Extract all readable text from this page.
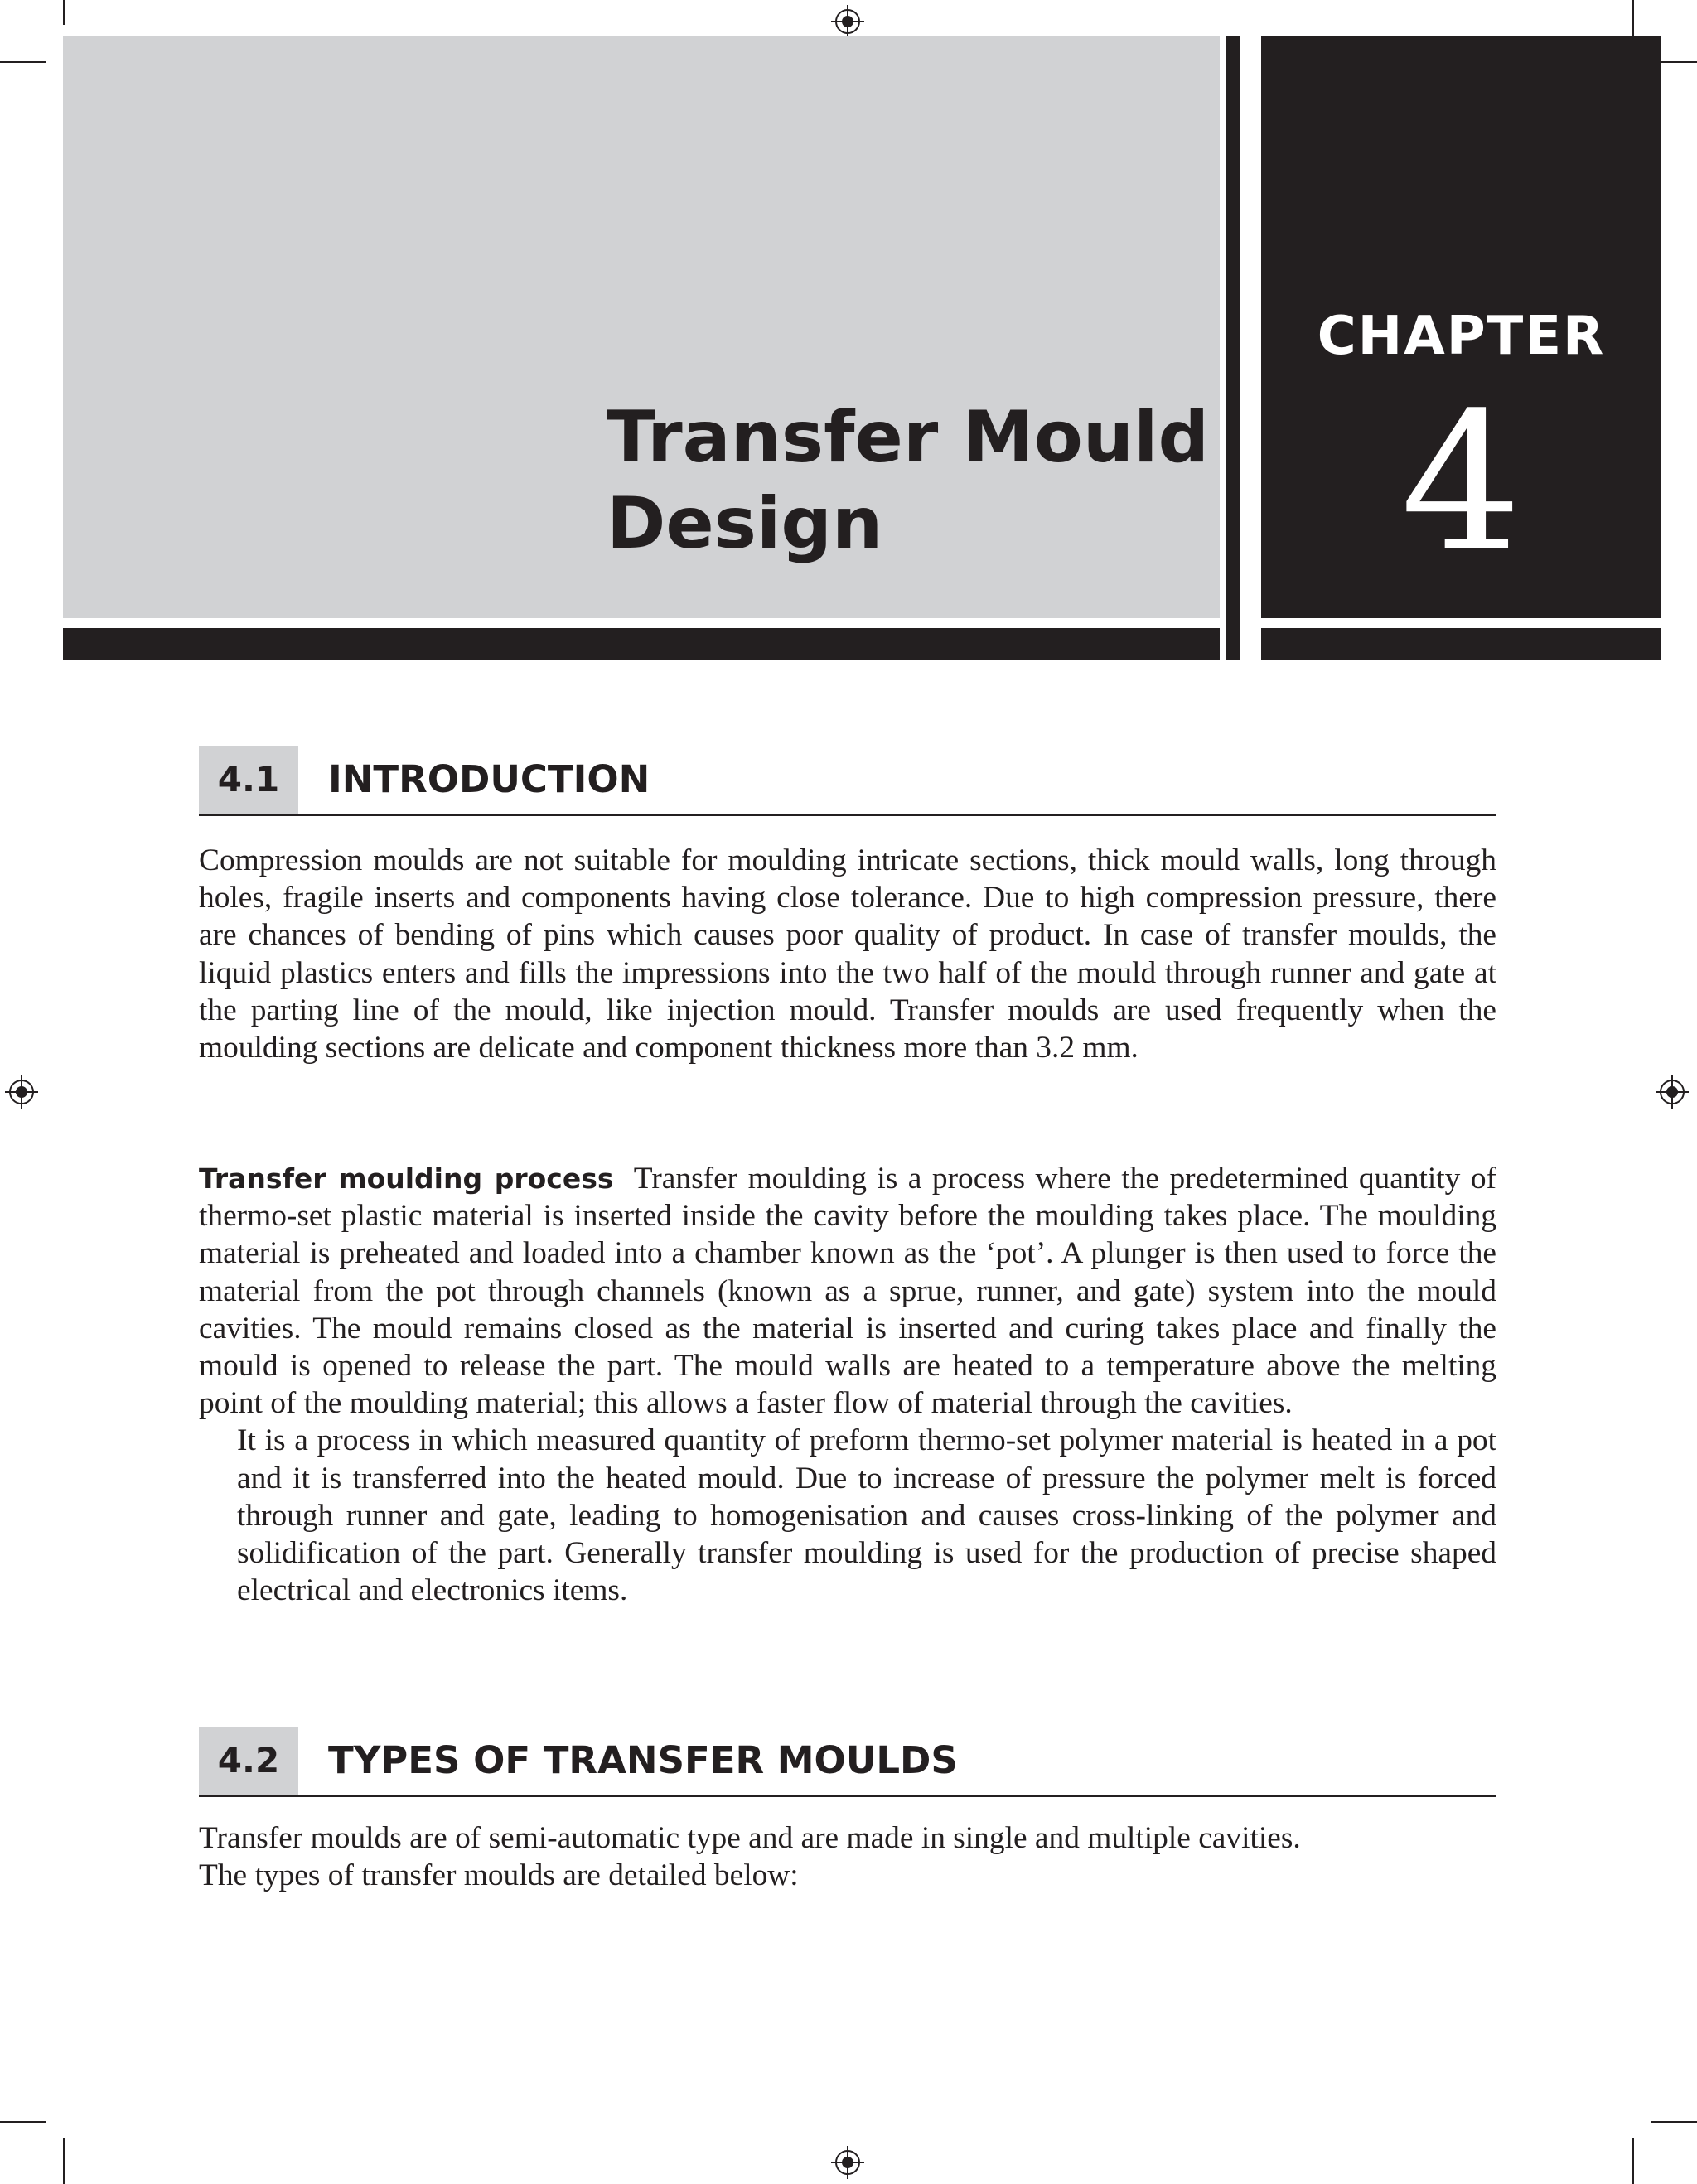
Transfer Mould
Design
CHAPTER
4
4.1	INTRODUCTION

Compression moulds are not suitable for moulding intricate sections, thick mould walls, long through holes, fragile inserts and components having close tolerance. Due to high compression pressure, there are chances of bending of pins which causes poor quality of product. In case of transfer moulds, the liquid plastics enters and fills the impressions into the two half of the mould through runner and gate at the parting line of the mould, like injection mould. Transfer moulds are used frequently when the moulding sections are delicate and component thickness more than 3.2 mm.

Transfer moulding process Transfer moulding is a process where the predetermined quantity of thermo-set plastic material is inserted inside the cavity before the moulding takes place. The moulding material is preheated and loaded into a chamber known as the ‘pot’. A plunger is then used to force the material from the pot through channels (known as a sprue, runner, and gate) system into the mould cavities. The mould remains closed as the material is inserted and curing takes place and finally the mould is opened to release the part. The mould walls are heated to a temperature above the melting point of the moulding material; this allows a faster flow of material through the cavities.
It is a process in which measured quantity of preform thermo-set polymer material is heated in a pot and it is transferred into the heated mould. Due to increase of pressure the polymer melt is forced through runner and gate, leading to homogenisation and causes cross-linking of the polymer and solidification of the part. Generally transfer moulding is used for the production of precise shaped electrical and electronics items.
4.2	TYPES OF TRANSFER MOULDS
Transfer moulds are of semi-automatic type and are made in single and multiple cavities.
The types of transfer moulds are detailed below:
